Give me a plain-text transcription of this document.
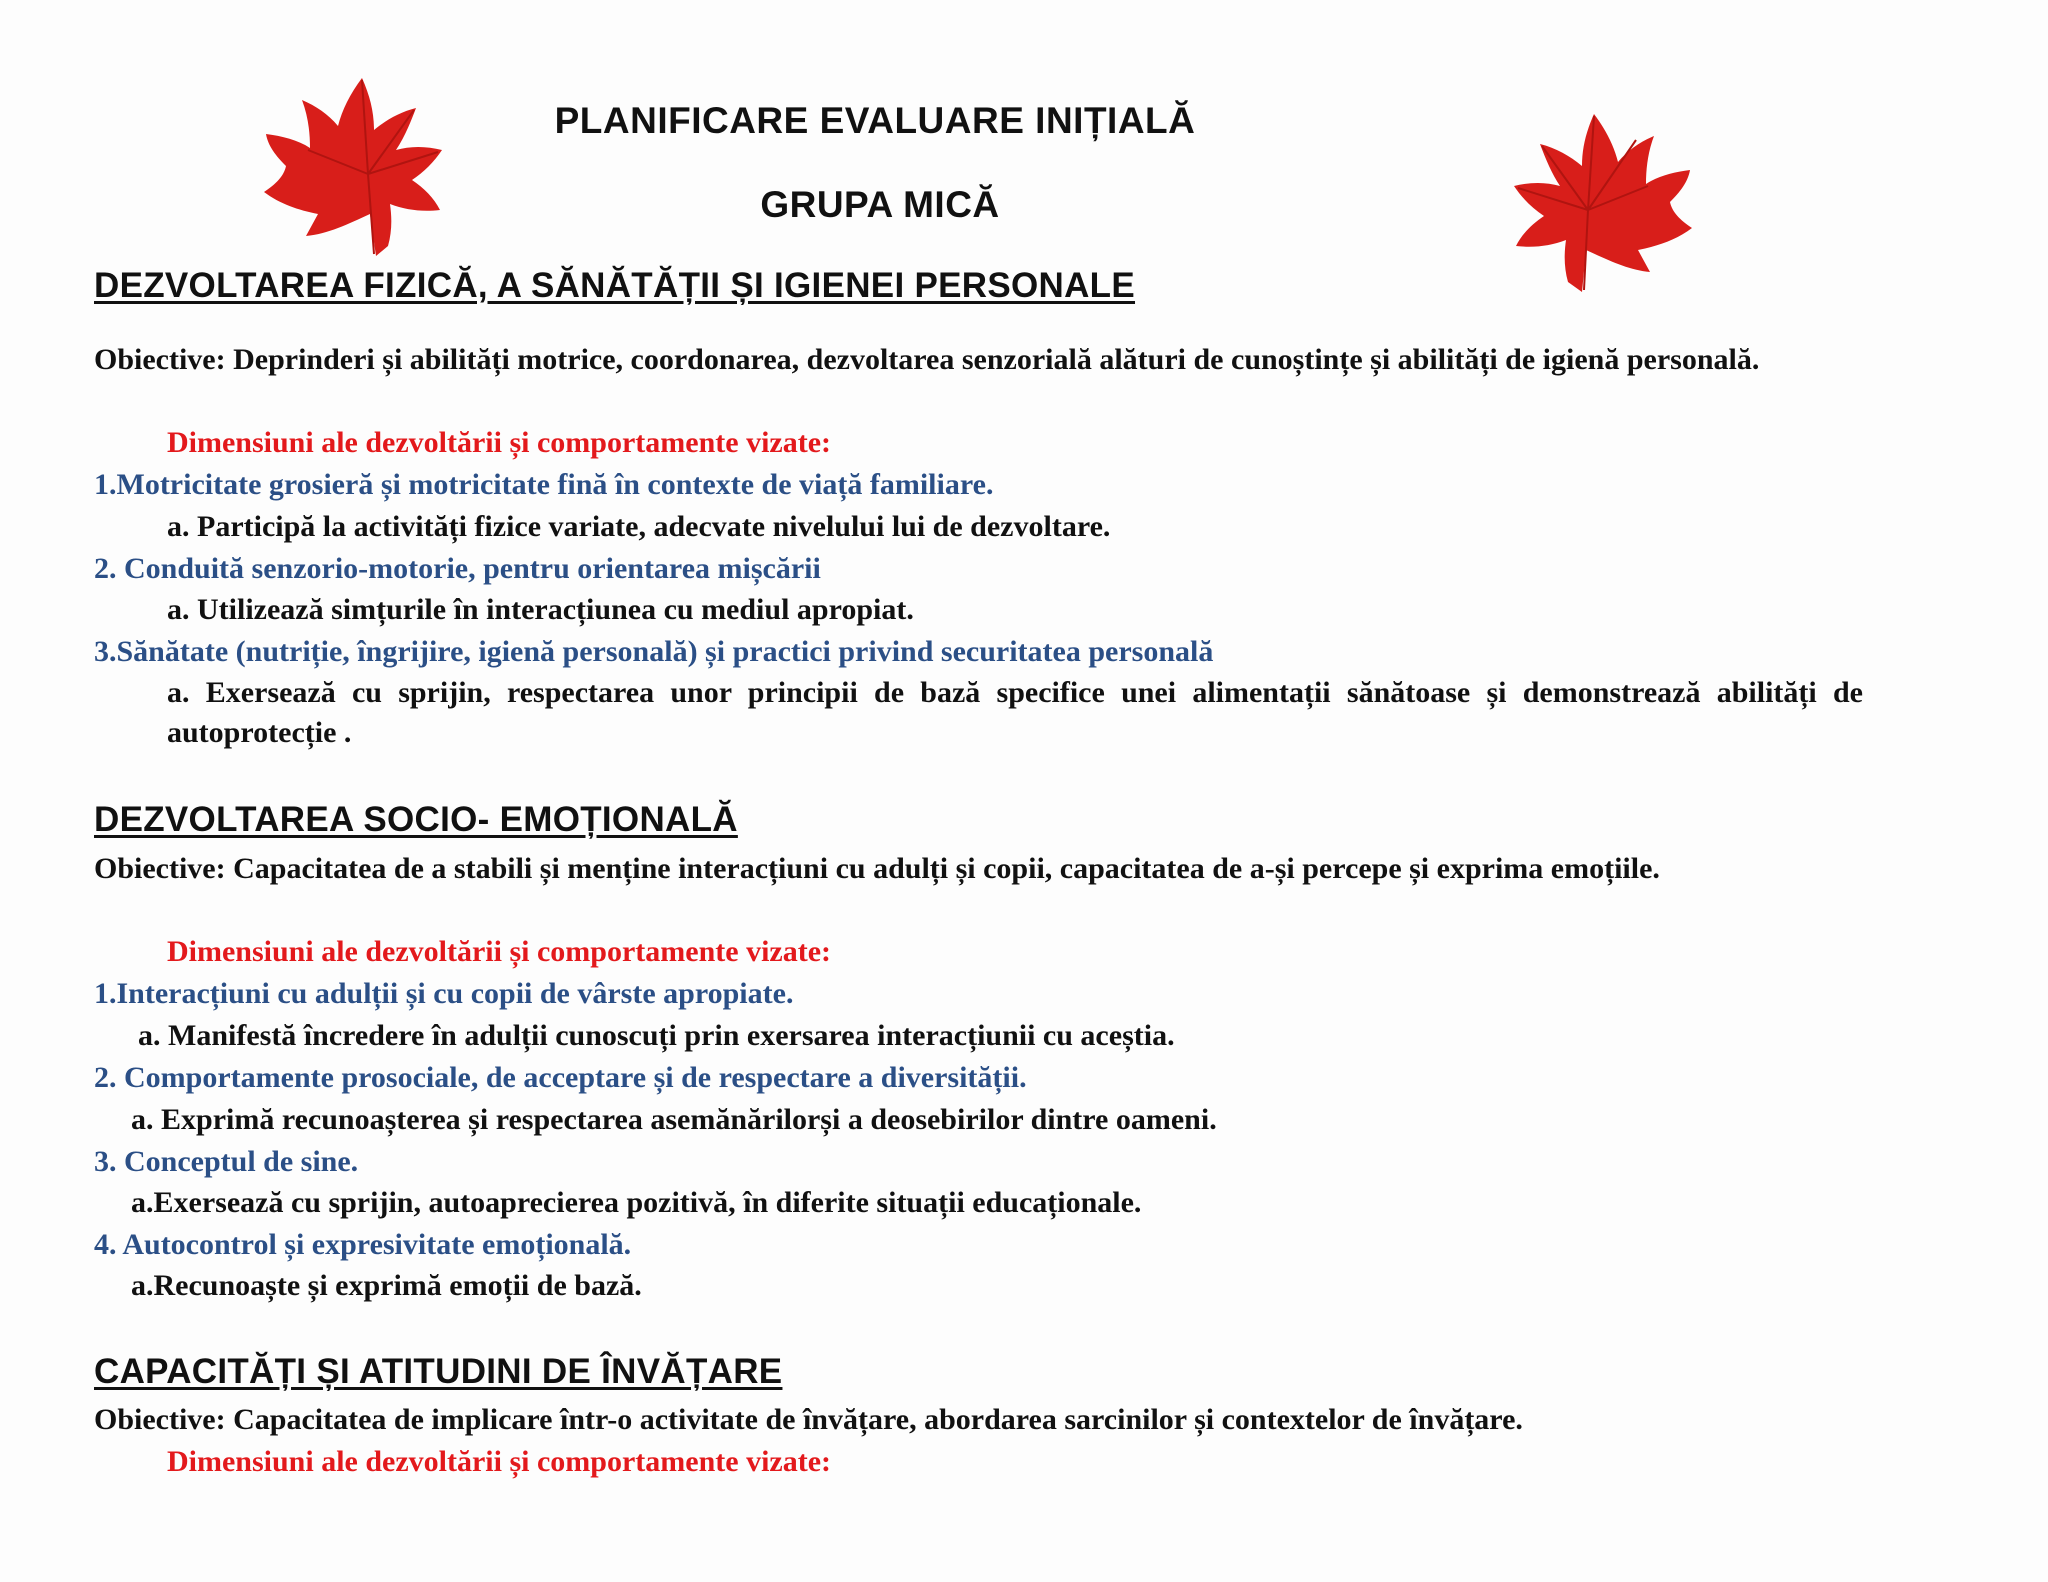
PLANIFICARE EVALUARE INIȚIALĂ
GRUPA MICĂ
DEZVOLTAREA FIZICĂ, A SĂNĂTĂȚII ȘI IGIENEI PERSONALE

Obiective: Deprinderi și abilități motrice, coordonarea, dezvoltarea senzorială alături de cunoștințe și abilități de igienă personală.

Dimensiuni ale dezvoltării și comportamente vizate:

1.Motricitate grosieră și motricitate fină în contexte de viață familiare.

a. Participă la activități fizice variate, adecvate nivelului lui de dezvoltare.

2. Conduită senzorio-motorie, pentru orientarea mișcării

a. Utilizează simțurile în interacțiunea cu mediul apropiat.

3.Sănătate (nutriție, îngrijire, igienă personală) și practici privind securitatea personală

a. Exersează cu sprijin, respectarea unor principii de bază specifice unei alimentații sănătoase și demonstrează abilități de autoprotecție .

DEZVOLTAREA SOCIO- EMOȚIONALĂ

Obiective: Capacitatea de a stabili și menține interacțiuni cu adulți și copii, capacitatea de a-și percepe și exprima emoțiile.

Dimensiuni ale dezvoltării și comportamente vizate:

1.Interacțiuni cu adulții și cu copii de vârste apropiate.

a. Manifestă încredere în adulții cunoscuți prin exersarea interacțiunii cu aceștia.

2. Comportamente prosociale, de acceptare și de respectare a diversității.

a. Exprimă recunoașterea și respectarea asemănărilorși a deosebirilor dintre oameni.

3. Conceptul de sine.

a.Exersează cu sprijin, autoaprecierea pozitivă, în diferite situații educaționale.

4. Autocontrol și expresivitate emoțională.

a.Recunoaște și exprimă emoții de bază.

CAPACITĂȚI ȘI ATITUDINI DE ÎNVĂȚARE

Obiective: Capacitatea de implicare într-o activitate de învățare, abordarea sarcinilor și contextelor de învățare.

Dimensiuni ale dezvoltării și comportamente vizate:
